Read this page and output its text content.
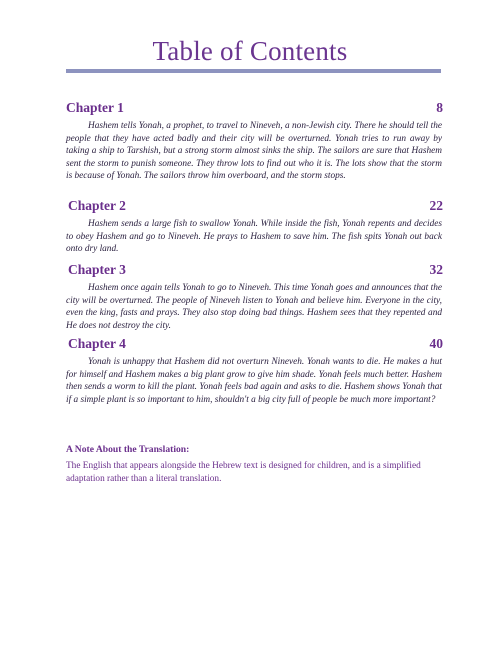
Table of Contents
Chapter 1	8

Hashem tells Yonah, a prophet, to travel to Nineveh, a non-Jewish city. There he should tell the people that they have acted badly and their city will be overturned. Yonah tries to run away by taking a ship to Tarshish, but a strong storm almost sinks the ship. The sailors are sure that Hashem sent the storm to punish someone. They throw lots to find out who it is. The lots show that the storm is because of Yonah. The sailors throw him overboard, and the storm stops.

Chapter 2	22

Hashem sends a large fish to swallow Yonah. While inside the fish, Yonah repents and decides to obey Hashem and go to Nineveh. He prays to Hashem to save him. The fish spits Yonah out back onto dry land.

Chapter 3	32

Hashem once again tells Yonah to go to Nineveh. This time Yonah goes and announces that the city will be overturned. The people of Nineveh listen to Yonah and believe him. Everyone in the city, even the king, fasts and prays. They also stop doing bad things. Hashem sees that they repented and He does not destroy the city.

Chapter 4	40

Yonah is unhappy that Hashem did not overturn Nineveh. Yonah wants to die. He makes a hut for himself and Hashem makes a big plant grow to give him shade. Yonah feels much better. Hashem then sends a worm to kill the plant. Yonah feels bad again and asks to die. Hashem shows Yonah that if a simple plant is so important to him, shouldn't a big city full of people be much more important?

A Note About the Translation:

The English that appears alongside the Hebrew text is designed for children, and is a simplified adaptation rather than a literal translation.
